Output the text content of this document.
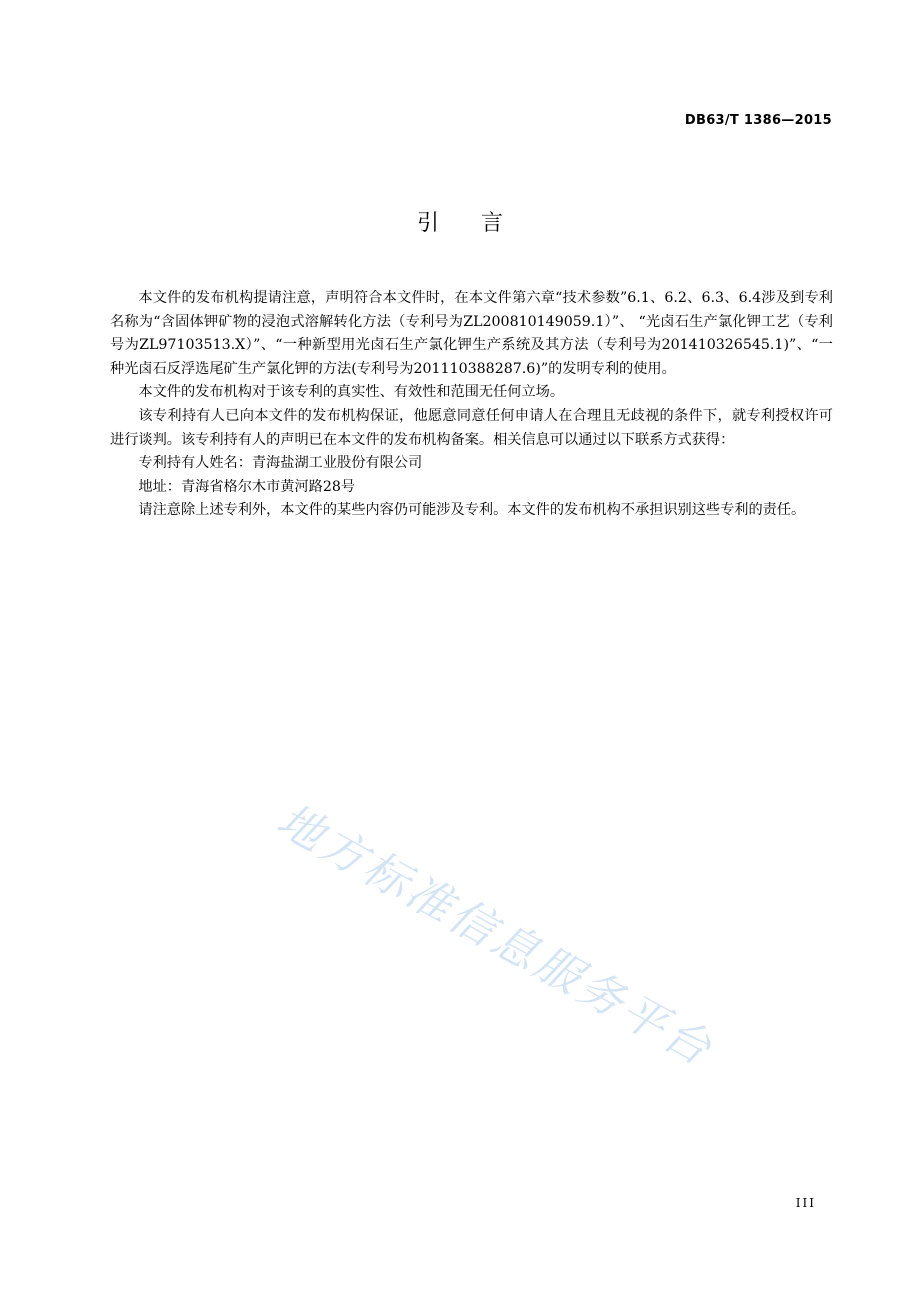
DB63/T 1386—2015
引言

本文件的发布机构提请注意，声明符合本文件时，在本文件第六章“技术参数”6.1、6.2、6.3、6.4涉及到专利名称为“含固体钾矿物的浸泡式溶解转化方法（专利号为ZL200810149059.1）”、 “光卤石生产氯化钾工艺（专利号为ZL97103513.X）”、“一种新型用光卤石生产氯化钾生产系统及其方法（专利号为201410326545.1)”、“一种光卤石反浮选尾矿生产氯化钾的方法(专利号为201110388287.6)”的发明专利的使用。

本文件的发布机构对于该专利的真实性、有效性和范围无任何立场。

该专利持有人已向本文件的发布机构保证，他愿意同意任何申请人在合理且无歧视的条件下，就专利授权许可进行谈判。该专利持有人的声明已在本文件的发布机构备案。相关信息可以通过以下联系方式获得：

专利持有人姓名：青海盐湖工业股份有限公司

地址：青海省格尔木市黄河路28号

请注意除上述专利外，本文件的某些内容仍可能涉及专利。本文件的发布机构不承担识别这些专利的责任。

地方标准信息服务平台
III
